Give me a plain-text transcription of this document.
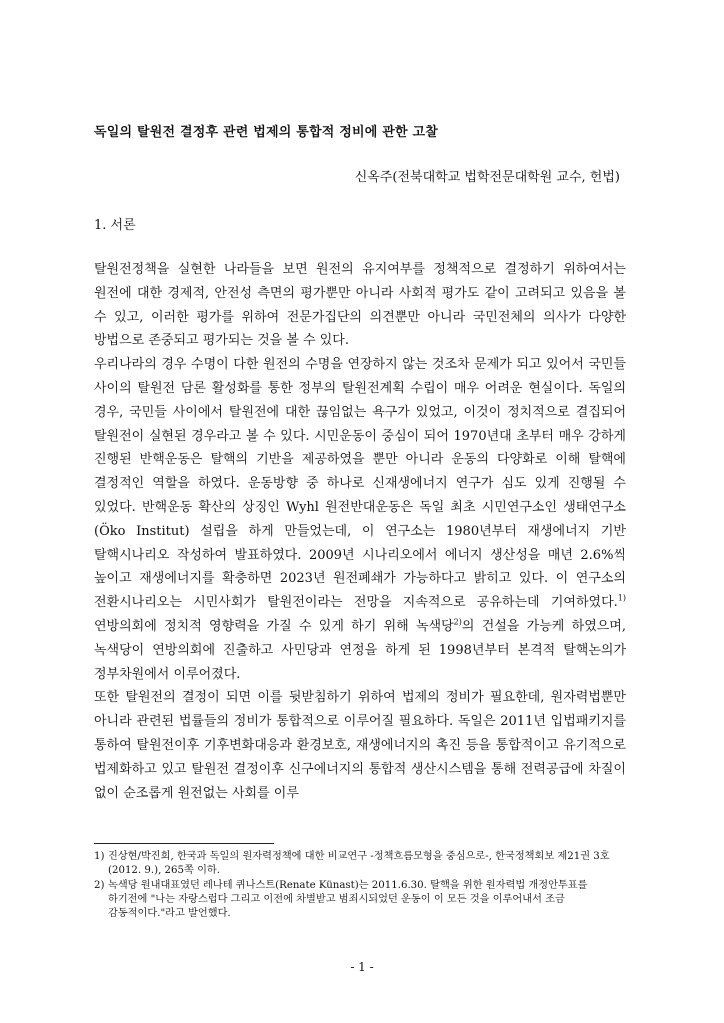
독일의 탈원전 결정후 관련 법제의 통합적 정비에 관한 고찰
신옥주(전북대학교 법학전문대학원 교수, 헌법)
1. 서론

탈원전정책을 실현한 나라들을 보면 원전의 유지여부를 정책적으로 결정하기 위하여서는 원전에 대한 경제적, 안전성 측면의 평가뿐만 아니라 사회적 평가도 같이 고려되고 있음을 볼 수 있고, 이러한 평가를 위하여 전문가집단의 의견뿐만 아니라 국민전체의 의사가 다양한 방법으로 존중되고 평가되는 것을 볼 수 있다.

우리나라의 경우 수명이 다한 원전의 수명을 연장하지 않는 것조차 문제가 되고 있어서 국민들 사이의 탈원전 담론 활성화를 통한 정부의 탈원전계획 수립이 매우 어려운 현실이다. 독일의 경우, 국민들 사이에서 탈원전에 대한 끊임없는 욕구가 있었고, 이것이 정치적으로 결집되어 탈원전이 실현된 경우라고 볼 수 있다. 시민운동이 중심이 되어 1970년대 초부터 매우 강하게 진행된 반핵운동은 탈핵의 기반을 제공하였을 뿐만 아니라 운동의 다양화로 이해 탈핵에 결정적인 역할을 하였다. 운동방향 중 하나로 신재생에너지 연구가 심도 있게 진행될 수 있었다. 반핵운동 확산의 상징인 Wyhl 원전반대운동은 독일 최초 시민연구소인 생태연구소(Öko Institut) 설립을 하게 만들었는데, 이 연구소는 1980년부터 재생에너지 기반 탈핵시나리오 작성하여 발표하였다. 2009년 시나리오에서 에너지 생산성을 매년 2.6%씩 높이고 재생에너지를 확충하면 2023년 원전폐쇄가 가능하다고 밝히고 있다. 이 연구소의 전환시나리오는 시민사회가 탈원전이라는 전망을 지속적으로 공유하는데 기여하였다.$^{1)}$ 연방의회에 정치적 영향력을 가질 수 있게 하기 위해 녹색당$^{2)}$의 건설을 가능케 하였으며, 녹색당이 연방의회에 진출하고 사민당과 연정을 하게 된 1998년부터 본격적 탈핵논의가 정부차원에서 이루어졌다.

또한 탈원전의 결정이 되면 이를 뒷받침하기 위하여 법제의 정비가 필요한데, 원자력법뿐만 아니라 관련된 법률들의 정비가 통합적으로 이루어질 필요하다. 독일은 2011년 입법패키지를 통하여 탈원전이후 기후변화대응과 환경보호, 재생에너지의 촉진 등을 통합적이고 유기적으로 법제화하고 있고 탈원전 결정이후 신구에너지의 통합적 생산시스템을 통해 전력공급에 차질이 없이 순조롭게 원전없는 사회를 이루

1) 진상현/박진희, 한국과 독일의 원자력정책에 대한 비교연구 -정책흐름모형을 중심으로-, 한국정책회보 제21권 3호(2012. 9.), 265쪽 이하.
2) 녹색당 원내대표였던 레나테 퀴나스트(Renate Künast)는 2011.6.30. 탈핵을 위한 원자력법 개정안투표를 하기전에 "나는 자랑스럽다 그리고 이전에 차별받고 범죄시되었던 운동이 이 모든 것을 이루어내서 조금 감동적이다."라고 발언했다.
- 1 -
